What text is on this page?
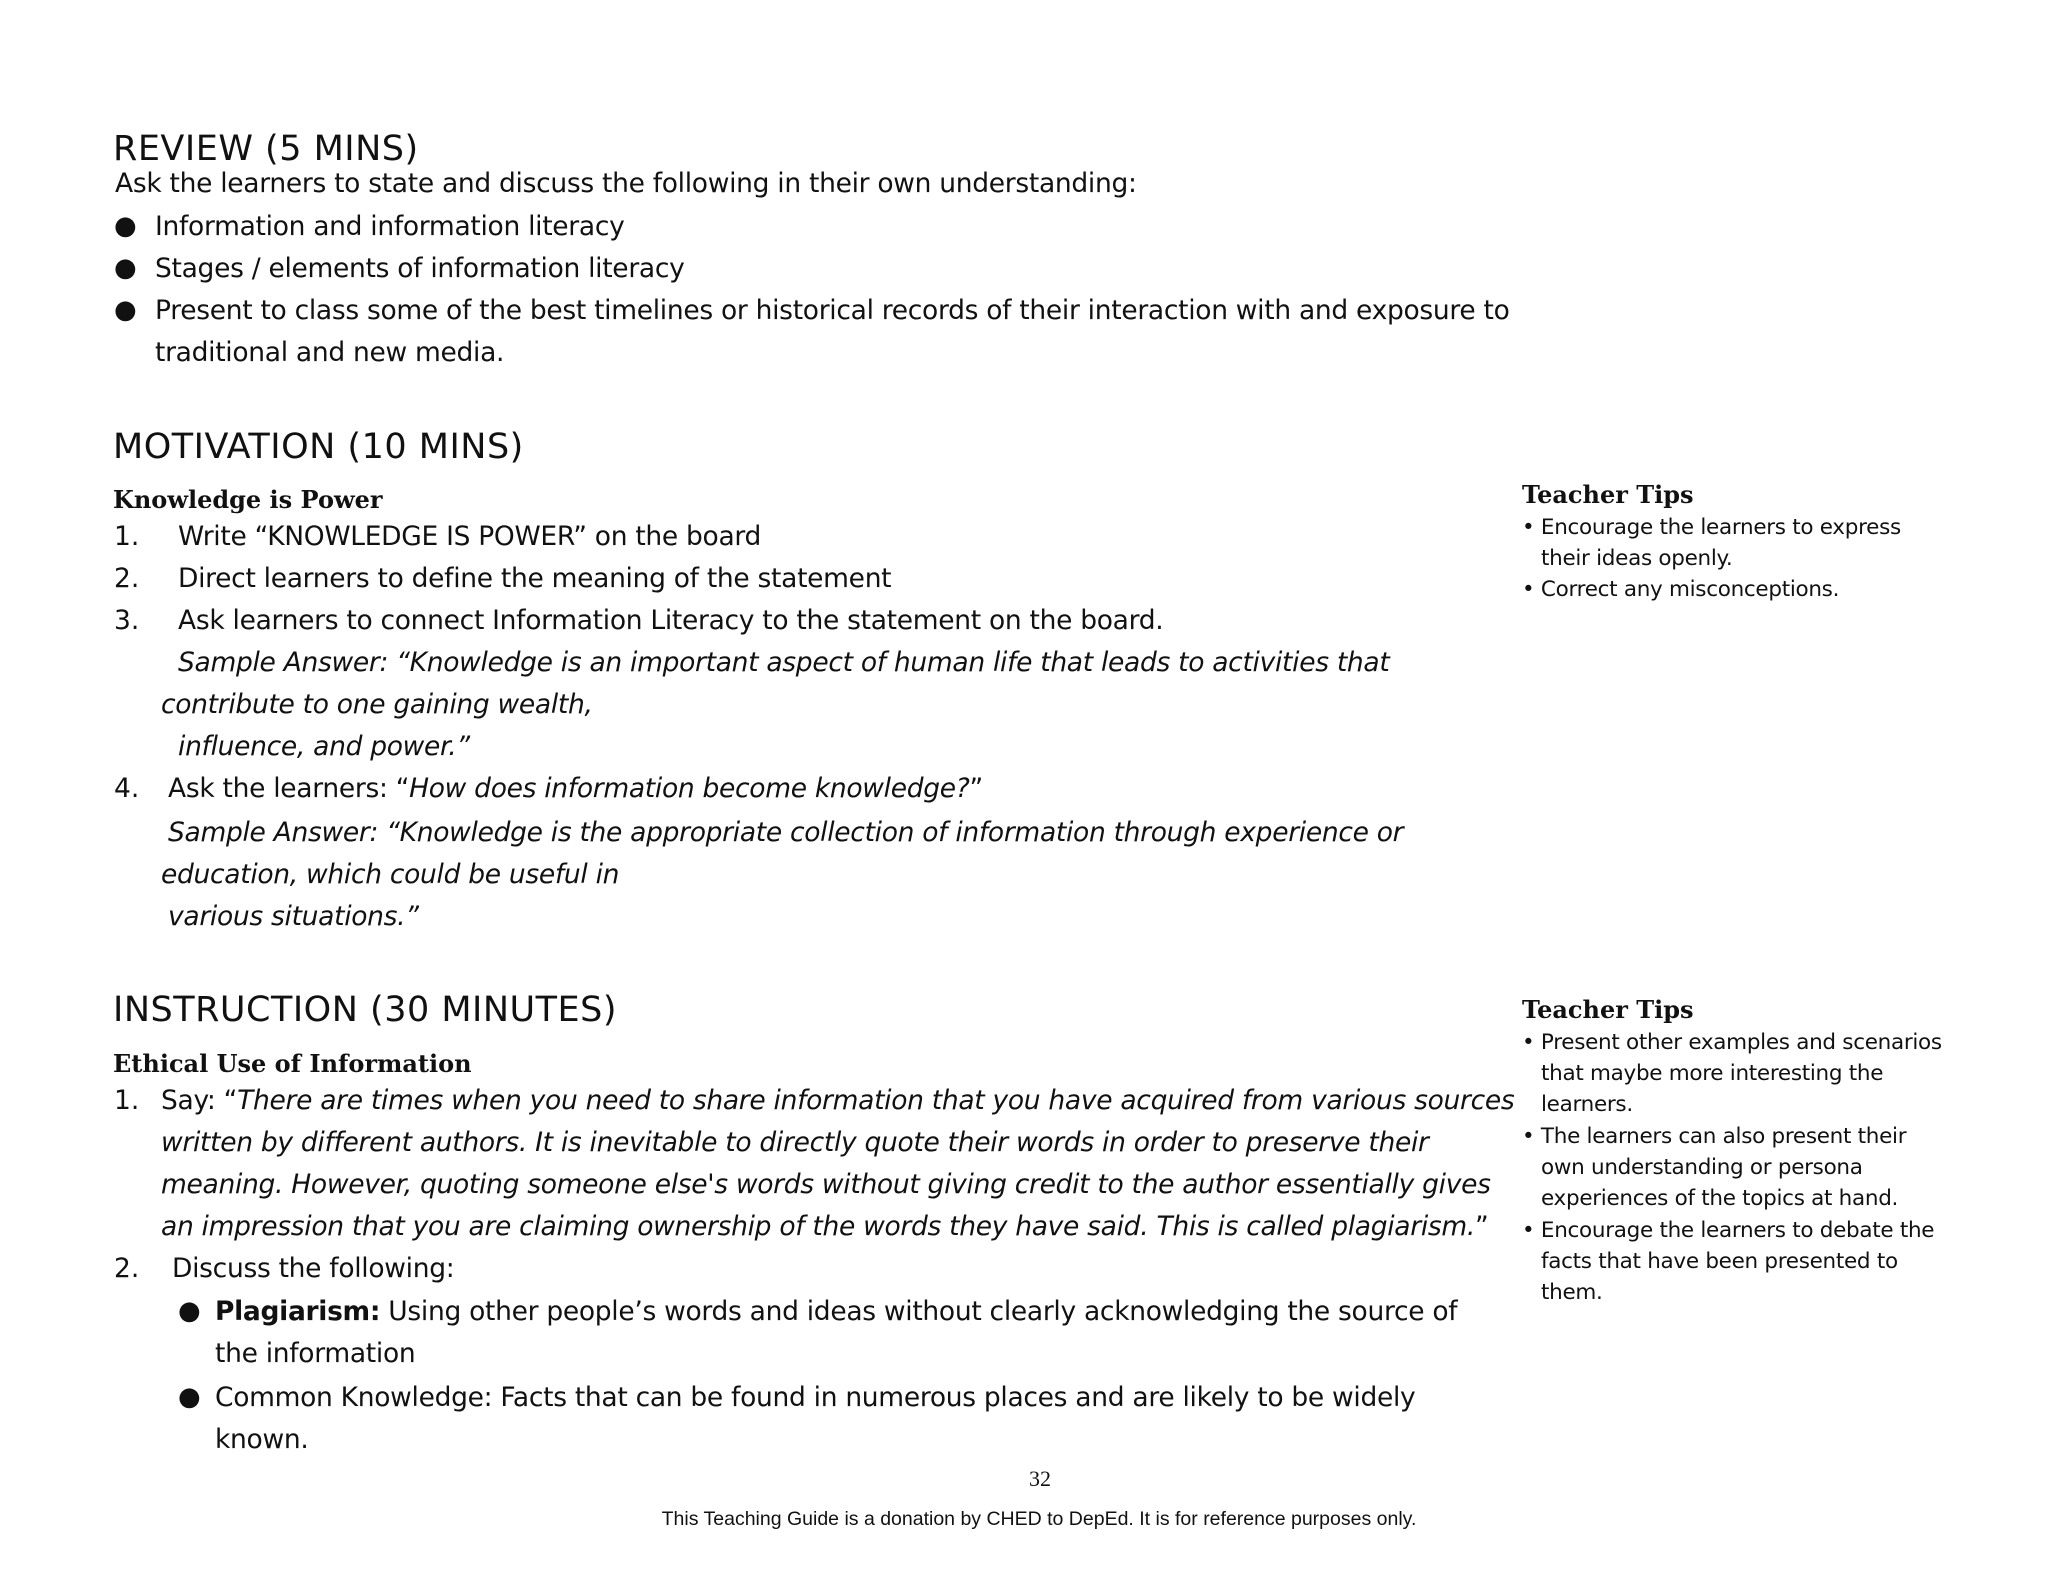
REVIEW (5 MINS)

Ask the learners to state and discuss the following in their own understanding:

● Information and information literacy

● Stages / elements of information literacy

● Present to class some of the best timelines or historical records of their interaction with and exposure to

traditional and new media.

MOTIVATION (10 MINS)

Knowledge is Power

1. Write “KNOWLEDGE IS POWER” on the board

2. Direct learners to define the meaning of the statement

3. Ask learners to connect Information Literacy to the statement on the board.

Sample Answer: “Knowledge is an important aspect of human life that leads to activities that

contribute to one gaining wealth,

influence, and power.”

4. Ask the learners: “How does information become knowledge?”

Sample Answer: “Knowledge is the appropriate collection of information through experience or

education, which could be useful in

various situations.”

Teacher Tips

• Encourage the learners to express
their ideas openly.
• Correct any misconceptions.
INSTRUCTION (30 MINUTES)

Ethical Use of Information

1. Say: “There are times when you need to share information that you have acquired from various sources

written by different authors. It is inevitable to directly quote their words in order to preserve their

meaning. However, quoting someone else's words without giving credit to the author essentially gives

an impression that you are claiming ownership of the words they have said. This is called plagiarism.”

2. Discuss the following:

● Plagiarism: Using other people’s words and ideas without clearly acknowledging the source of

the information

● Common Knowledge: Facts that can be found in numerous places and are likely to be widely

known.

Teacher Tips

• Present other examples and scenarios
that maybe more interesting the
learners.
• The learners can also present their
own understanding or persona
experiences of the topics at hand.
• Encourage the learners to debate the
facts that have been presented to
them.
32
This Teaching Guide is a donation by CHED to DepEd. It is for reference purposes only.
